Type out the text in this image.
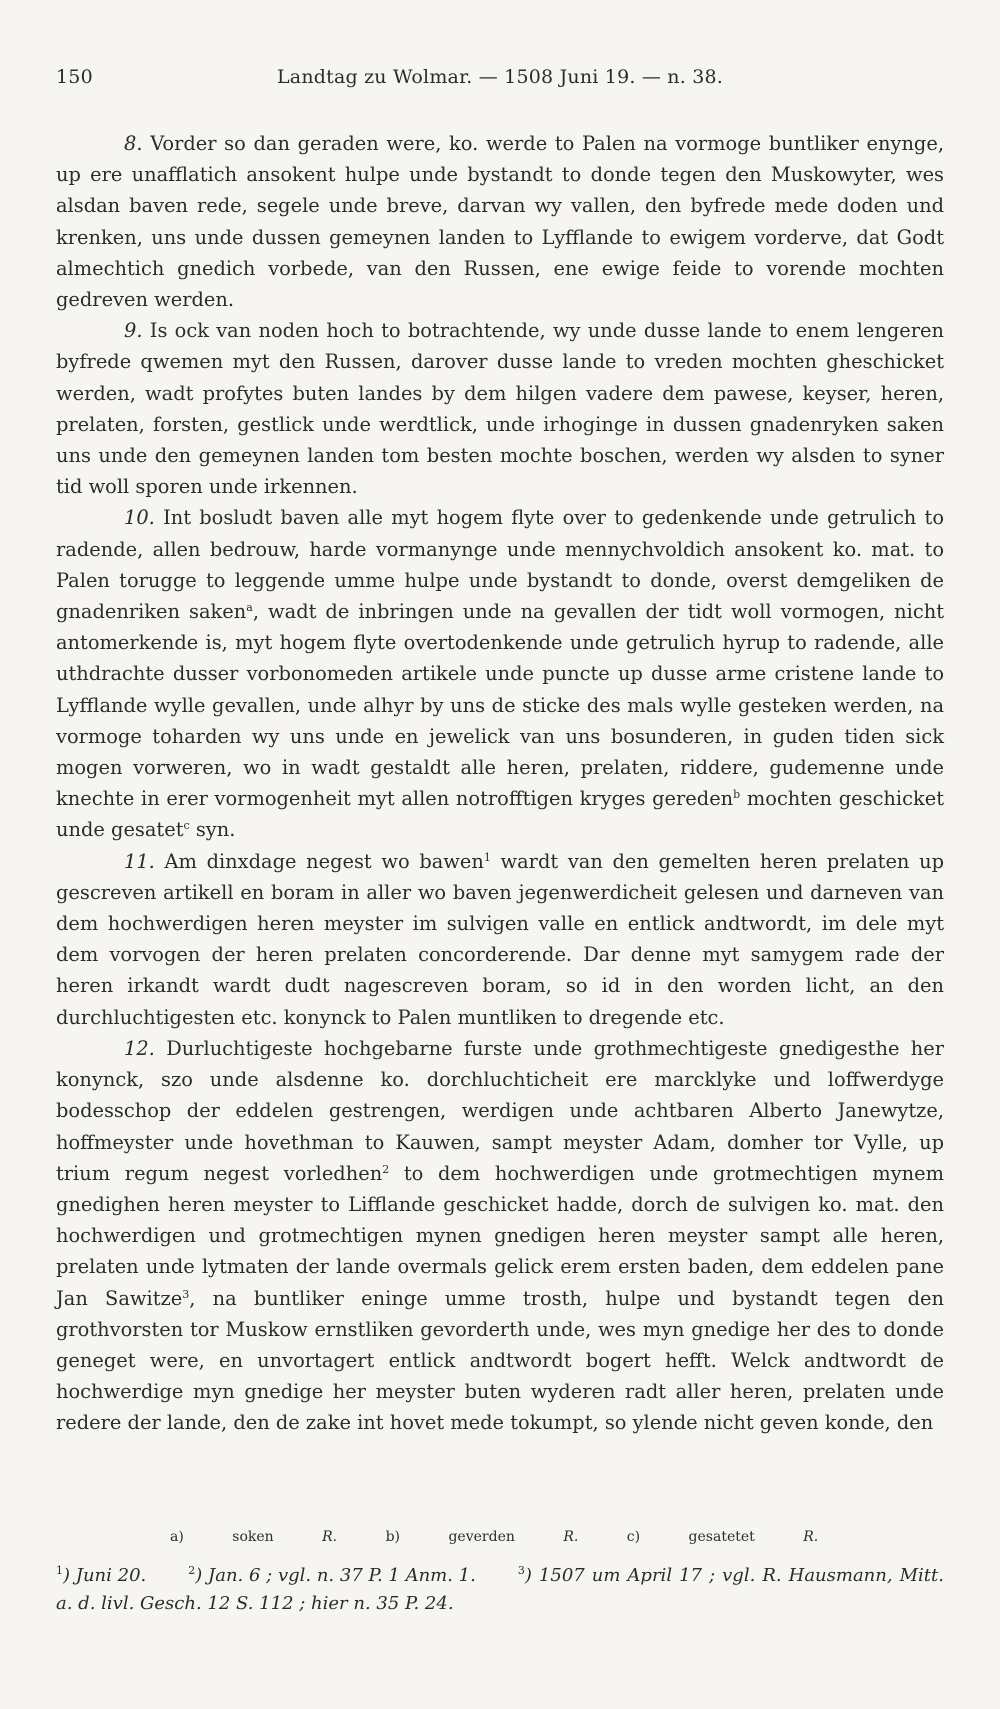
150	Landtag zu Wolmar. — 1508 Juni 19. — n. 38.

8. Vorder so dan geraden were, ko. werde to Palen na vormoge buntliker enynge, up ere unafflatich ansokent hulpe unde bystandt to donde tegen den Muskowyter, wes alsdan baven rede, segele unde breve, darvan wy vallen, den byfrede mede doden und krenken, uns unde dussen gemeynen landen to Lyfflande to ewigem vorderve, dat Godt almechtich gnedich vorbede, van den Russen, ene ewige feide to vorende mochten gedreven werden.

9. Is ock van noden hoch to botrachtende, wy unde dusse lande to enem lengeren byfrede qwemen myt den Russen, darover dusse lande to vreden mochten gheschicket werden, wadt profytes buten landes by dem hilgen vadere dem pawese, keyser, heren, prelaten, forsten, gestlick unde werdtlick, unde irhoginge in dussen gnadenryken saken uns unde den gemeynen landen tom besten mochte boschen, werden wy alsden to syner tid woll sporen unde irkennen.

10. Int bosludt baven alle myt hogem flyte over to gedenkende unde getrulich to radende, allen bedrouw, harde vormanynge unde mennychvoldich ansokent ko. mat. to Palen torugge to leggende umme hulpe unde bystandt to donde, overst demgeliken de gnadenriken saken$^a$, wadt de inbringen unde na gevallen der tidt woll vormogen, nicht antomerkende is, myt hogem flyte overtodenkende unde getrulich hyrup to radende, alle uthdrachte dusser vorbonomeden artikele unde puncte up dusse arme cristene lande to Lyfflande wylle gevallen, unde alhyr by uns de sticke des mals wylle gesteken werden, na vormoge toharden wy uns unde en jewelick van uns bosunderen, in guden tiden sick mogen vorweren, wo in wadt gestaldt alle heren, prelaten, riddere, gudemenne unde knechte in erer vormogenheit myt allen notrofftigen kryges gereden$^b$ mochten geschicket unde gesatet$^c$ syn.

11. Am dinxdage negest wo bawen$^1$ wardt van den gemelten heren prelaten up gescreven artikell en boram in aller wo baven jegenwerdicheit gelesen und darneven van dem hochwerdigen heren meyster im sulvigen valle en entlick andtwordt, im dele myt dem vorvogen der heren prelaten concorderende. Dar denne myt samygem rade der heren irkandt wardt dudt nagescreven boram, so id in den worden licht, an den durchluchtigesten etc. konynck to Palen muntliken to dregende etc.

12. Durluchtigeste hochgebarne furste unde grothmechtigeste gnedigesthe her konynck, szo unde alsdenne ko. dorchluchticheit ere marcklyke und loffwerdyge bodesschop der eddelen gestrengen, werdigen unde achtbaren Alberto Janewytze, hoffmeyster unde hovethman to Kauwen, sampt meyster Adam, domher tor Vylle, up trium regum negest vorledhen$^2$ to dem hochwerdigen unde grotmechtigen mynem gnedighen heren meyster to Lifflande geschicket hadde, dorch de sulvigen ko. mat. den hochwerdigen und grotmechtigen mynen gnedigen heren meyster sampt alle heren, prelaten unde lytmaten der lande overmals gelick erem ersten baden, dem eddelen pane Jan Sawitze$^3$, na buntliker eninge umme trosth, hulpe und bystandt tegen den grothvorsten tor Muskow ernstliken gevorderth unde, wes myn gnedige her des to donde geneget were, en unvortagert entlick andtwordt bogert hefft. Welck andtwordt de hochwerdige myn gnedige her meyster buten wyderen radt aller heren, prelaten unde redere der lande, den de zake int hovet mede tokumpt, so ylende nicht geven konde, den

a)	soken	R.	b)	geverden	R.	c)	gesatetet	R.

$^1$) Juni 20.	$^2$) Jan. 6 ; vgl. n. 37 P. 1 Anm. 1.	$^3$) 1507 um April 17 ; vgl. R. Hausmann, Mitt. a. d. livl. Gesch. 12 S. 112 ; hier n. 35 P. 24.
